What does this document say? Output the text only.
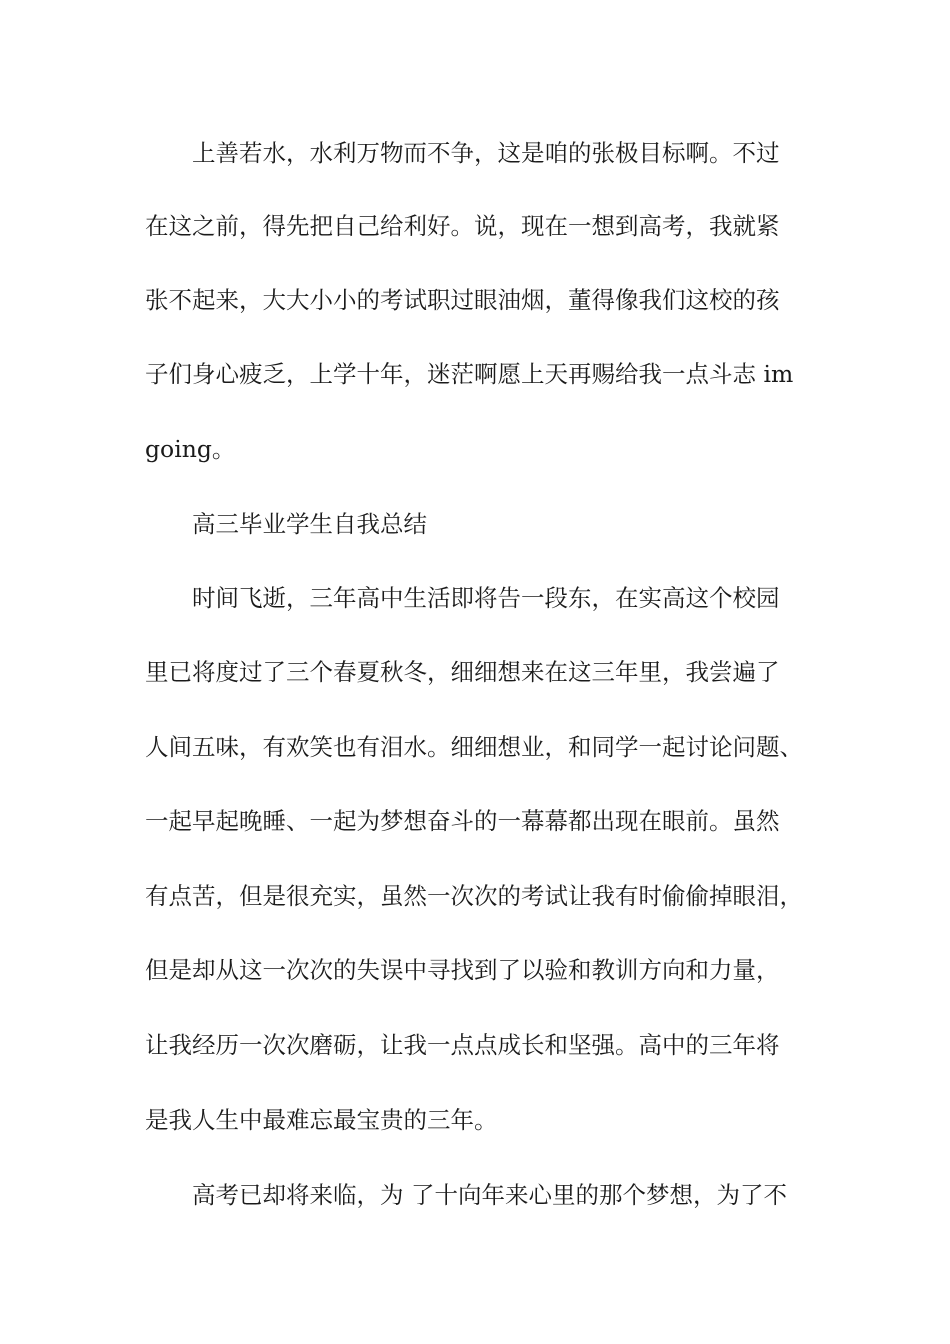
上善若水，水利万物而不争，这是咱的张极目标啊。不过
在这之前，得先把自己给利好。说，现在一想到高考，我就紧
张不起来，大大小小的考试职过眼油烟，董得像我们这校的孩
子们身心疲乏，上学十年，迷茫啊愿上天再赐给我一点斗志 im
going。
高三毕业学生自我总结
时间飞逝，三年高中生活即将告一段东，在实高这个校园
里已将度过了三个春夏秋冬，细细想来在这三年里，我尝遍了
人间五味，有欢笑也有泪水。细细想业，和同学一起讨论问题、
一起早起晚睡、一起为梦想奋斗的一幕幕都出现在眼前。虽然
有点苦，但是很充实，虽然一次次的考试让我有时偷偷掉眼泪，
但是却从这一次次的失误中寻找到了以验和教训方向和力量，
让我经历一次次磨砺，让我一点点成长和坚强。高中的三年将
是我人生中最难忘最宝贵的三年。
高考已却将来临，为 了十向年来心里的那个梦想，为了不
